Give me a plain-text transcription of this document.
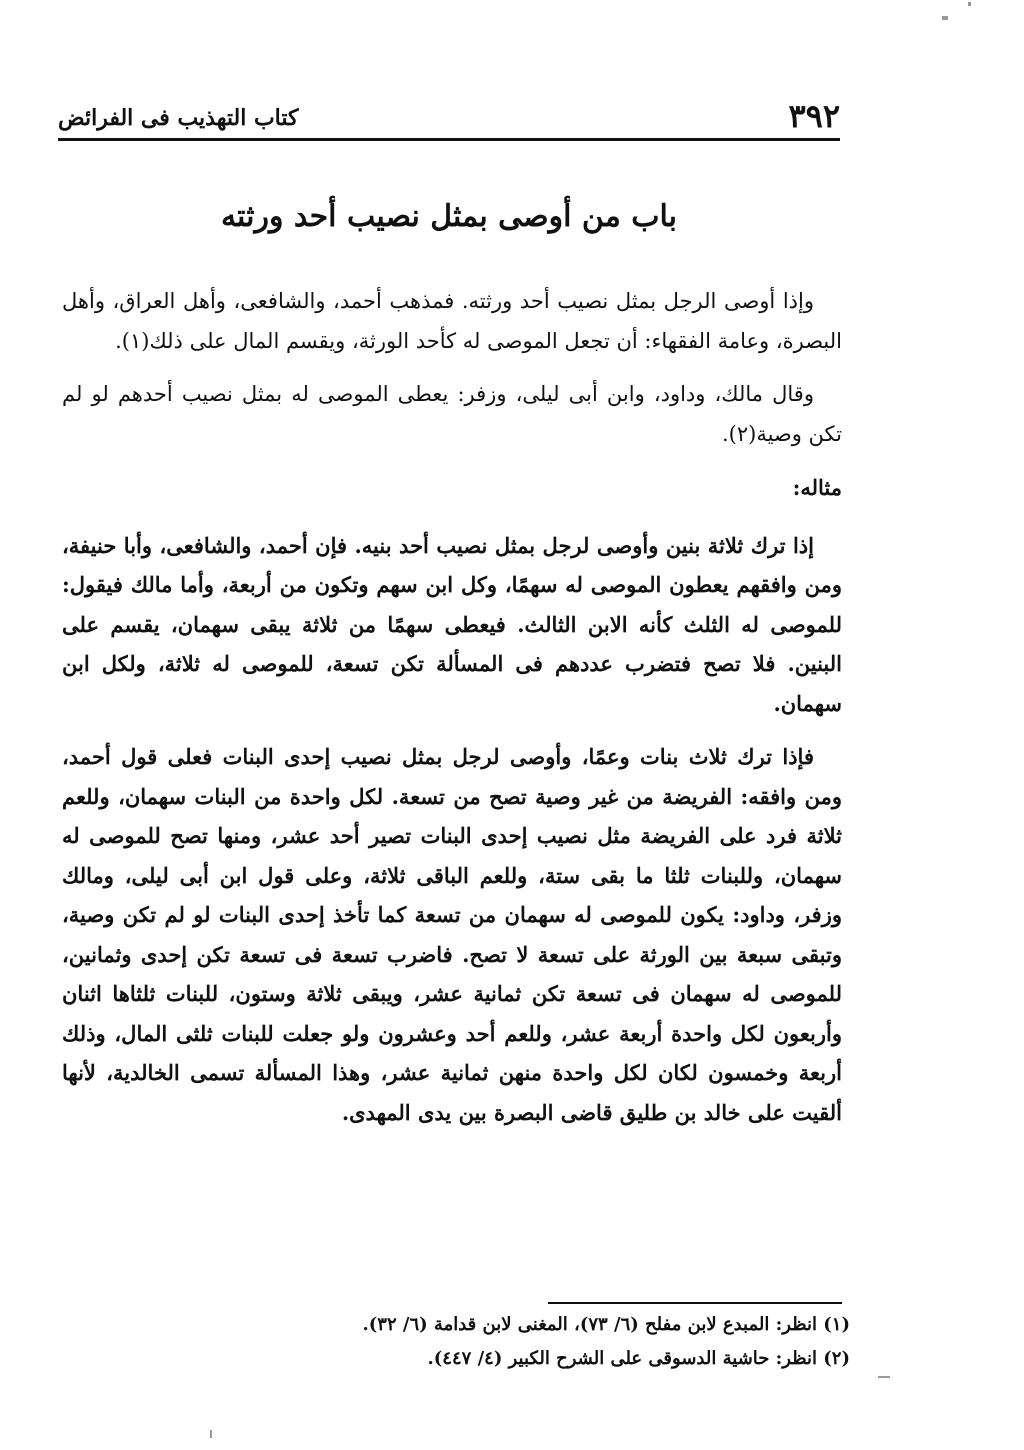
٣٩٢
كتاب التهذيب فى الفرائض
باب من أوصى بمثل نصيب أحد ورثته

وإذا أوصى الرجل بمثل نصيب أحد ورثته. فمذهب أحمد، والشافعى، وأهل العراق، وأهل البصرة، وعامة الفقهاء: أن تجعل الموصى له كأحد الورثة، ويقسم المال على ذلك(١).

وقال مالك، وداود، وابن أبى ليلى، وزفر: يعطى الموصى له بمثل نصيب أحدهم لو لم تكن وصية(٢).

مثاله:

إذا ترك ثلاثة بنين وأوصى لرجل بمثل نصيب أحد بنيه. فإن أحمد، والشافعى، وأبا حنيفة، ومن وافقهم يعطون الموصى له سهمًا، وكل ابن سهم وتكون من أربعة، وأما مالك فيقول: للموصى له الثلث كأنه الابن الثالث. فيعطى سهمًا من ثلاثة يبقى سهمان، يقسم على البنين. فلا تصح فتضرب عددهم فى المسألة تكن تسعة، للموصى له ثلاثة، ولكل ابن سهمان.

فإذا ترك ثلاث بنات وعمًا، وأوصى لرجل بمثل نصيب إحدى البنات فعلى قول أحمد، ومن وافقه: الفريضة من غير وصية تصح من تسعة. لكل واحدة من البنات سهمان، وللعم ثلاثة فرد على الفريضة مثل نصيب إحدى البنات تصير أحد عشر، ومنها تصح للموصى له سهمان، وللبنات ثلثا ما بقى ستة، وللعم الباقى ثلاثة، وعلى قول ابن أبى ليلى، ومالك وزفر، وداود: يكون للموصى له سهمان من تسعة كما تأخذ إحدى البنات لو لم تكن وصية، وتبقى سبعة بين الورثة على تسعة لا تصح. فاضرب تسعة فى تسعة تكن إحدى وثمانين، للموصى له سهمان فى تسعة تكن ثمانية عشر، ويبقى ثلاثة وستون، للبنات ثلثاها اثنان وأربعون لكل واحدة أربعة عشر، وللعم أحد وعشرون ولو جعلت للبنات ثلثى المال، وذلك أربعة وخمسون لكان لكل واحدة منهن ثمانية عشر، وهذا المسألة تسمى الخالدية، لأنها ألقيت على خالد بن طليق قاضى البصرة بين يدى المهدى.

(١) انظر: المبدع لابن مفلح (٦/ ٧٣)، المغنى لابن قدامة (٦/ ٣٢).
(٢) انظر: حاشية الدسوقى على الشرح الكبير (٤/ ٤٤٧).
